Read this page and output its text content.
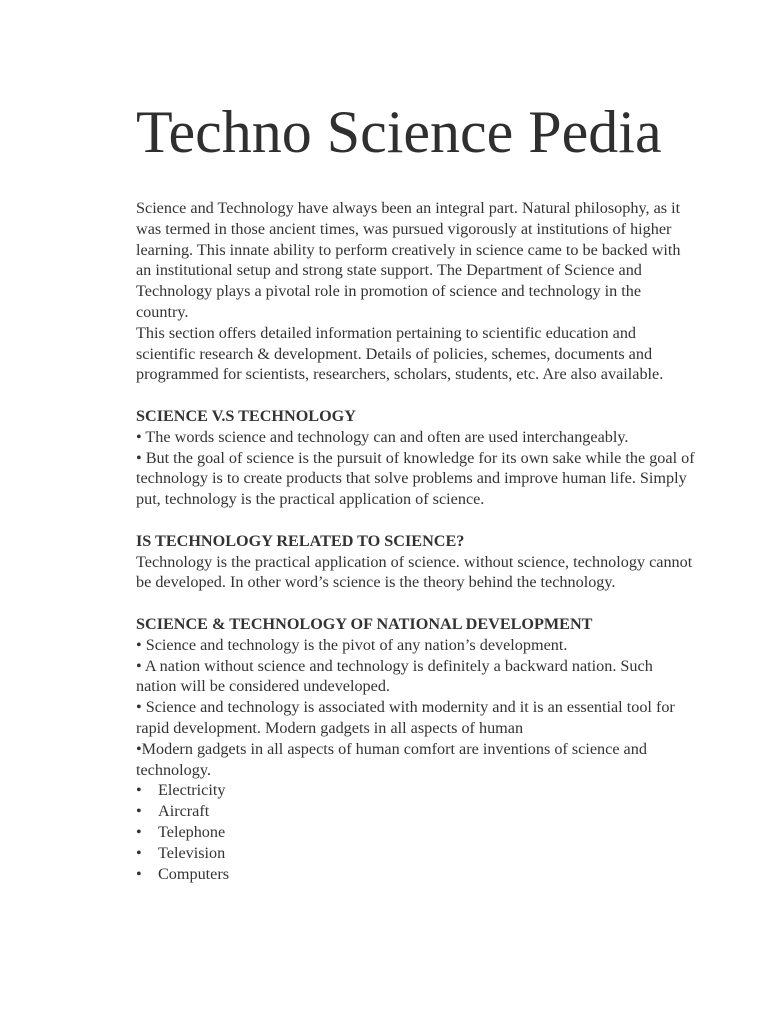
Techno Science Pedia

Science and Technology have always been an integral part. Natural philosophy, as it was termed in those ancient times, was pursued vigorously at institutions of higher learning. This innate ability to perform creatively in science came to be backed with an institutional setup and strong state support. The Department of Science and Technology plays a pivotal role in promotion of science and technology in the country.

This section offers detailed information pertaining to scientific education and scientific research & development. Details of policies, schemes, documents and programmed for scientists, researchers, scholars, students, etc. Are also available.

SCIENCE V.S TECHNOLOGY

• The words science and technology can and often are used interchangeably.

• But the goal of science is the pursuit of knowledge for its own sake while the goal of technology is to create products that solve problems and improve human life. Simply put, technology is the practical application of science.

IS TECHNOLOGY RELATED TO SCIENCE?

Technology is the practical application of science. without science, technology cannot be developed. In other word’s science is the theory behind the technology.

SCIENCE & TECHNOLOGY OF NATIONAL DEVELOPMENT

• Science and technology is the pivot of any nation’s development.

• A nation without science and technology is definitely a backward nation. Such nation will be considered undeveloped.

• Science and technology is associated with modernity and it is an essential tool for rapid development. Modern gadgets in all aspects of human

•Modern gadgets in all aspects of human comfort are inventions of science and technology.

• Electricity
• Aircraft
• Telephone
• Television
• Computers
